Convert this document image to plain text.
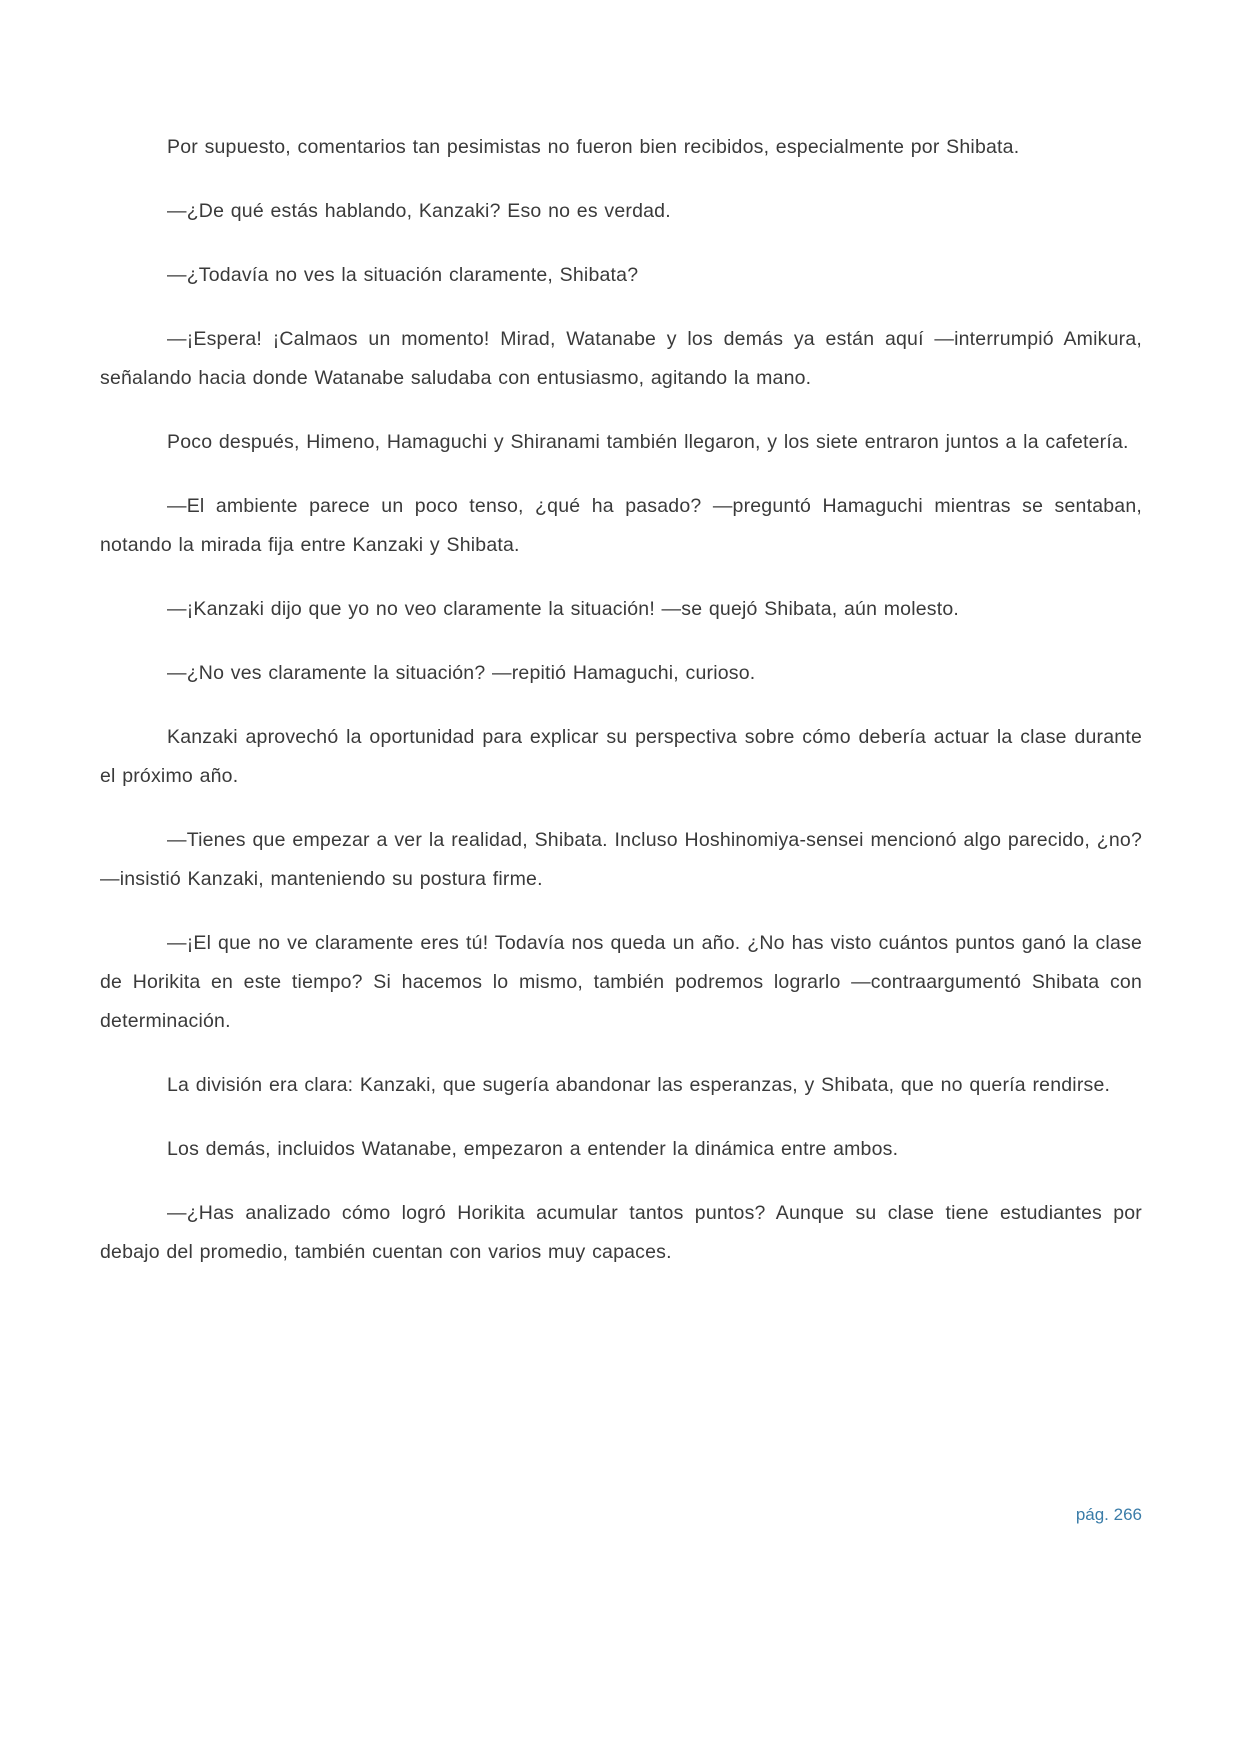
Por supuesto, comentarios tan pesimistas no fueron bien recibidos, especialmente por Shibata.

—¿De qué estás hablando, Kanzaki? Eso no es verdad.

—¿Todavía no ves la situación claramente, Shibata?

—¡Espera! ¡Calmaos un momento! Mirad, Watanabe y los demás ya están aquí —interrumpió Amikura, señalando hacia donde Watanabe saludaba con entusiasmo, agitando la mano.

Poco después, Himeno, Hamaguchi y Shiranami también llegaron, y los siete entraron juntos a la cafetería.

—El ambiente parece un poco tenso, ¿qué ha pasado? —preguntó Hamaguchi mientras se sentaban, notando la mirada fija entre Kanzaki y Shibata.

—¡Kanzaki dijo que yo no veo claramente la situación! —se quejó Shibata, aún molesto.

—¿No ves claramente la situación? —repitió Hamaguchi, curioso.

Kanzaki aprovechó la oportunidad para explicar su perspectiva sobre cómo debería actuar la clase durante el próximo año.

—Tienes que empezar a ver la realidad, Shibata. Incluso Hoshinomiya-sensei mencionó algo parecido, ¿no? —insistió Kanzaki, manteniendo su postura firme.

—¡El que no ve claramente eres tú! Todavía nos queda un año. ¿No has visto cuántos puntos ganó la clase de Horikita en este tiempo? Si hacemos lo mismo, también podremos lograrlo —contraargumentó Shibata con determinación.

La división era clara: Kanzaki, que sugería abandonar las esperanzas, y Shibata, que no quería rendirse.

Los demás, incluidos Watanabe, empezaron a entender la dinámica entre ambos.

—¿Has analizado cómo logró Horikita acumular tantos puntos? Aunque su clase tiene estudiantes por debajo del promedio, también cuentan con varios muy capaces.

pág. 266
